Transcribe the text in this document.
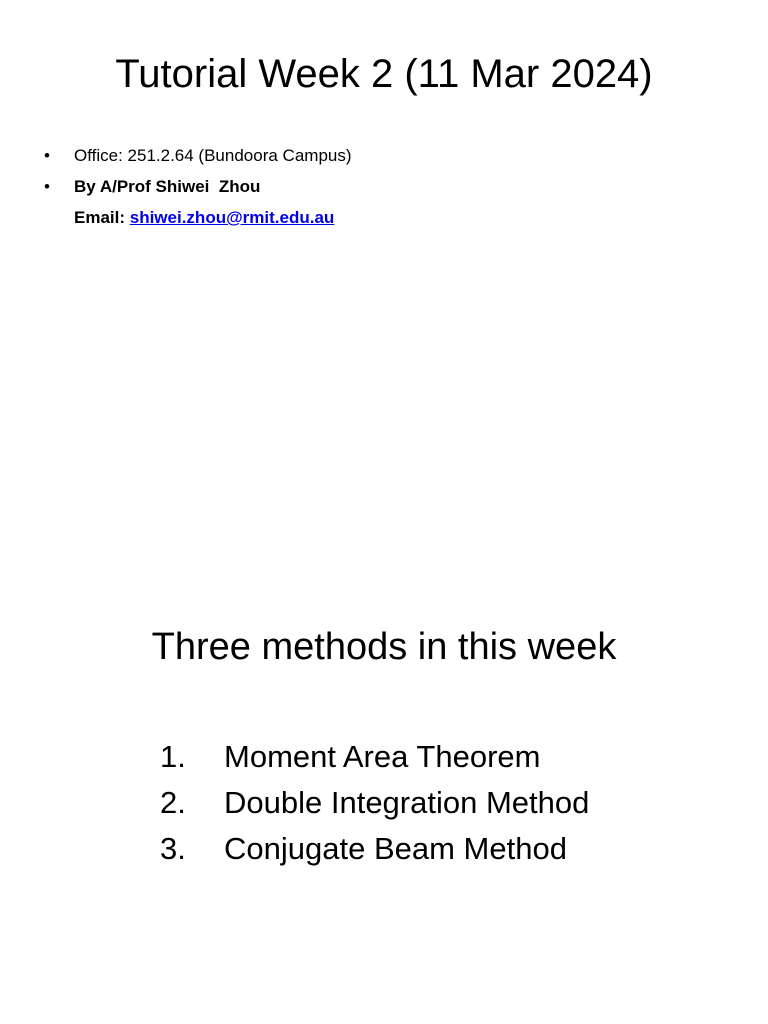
Tutorial Week 2 (11 Mar 2024)
• Office: 251.2.64 (Bundoora Campus)
• By A/Prof Shiwei  Zhou
Email: shiwei.zhou@rmit.edu.au
Three methods in this week
1. Moment Area Theorem
2. Double Integration Method
3. Conjugate Beam Method
